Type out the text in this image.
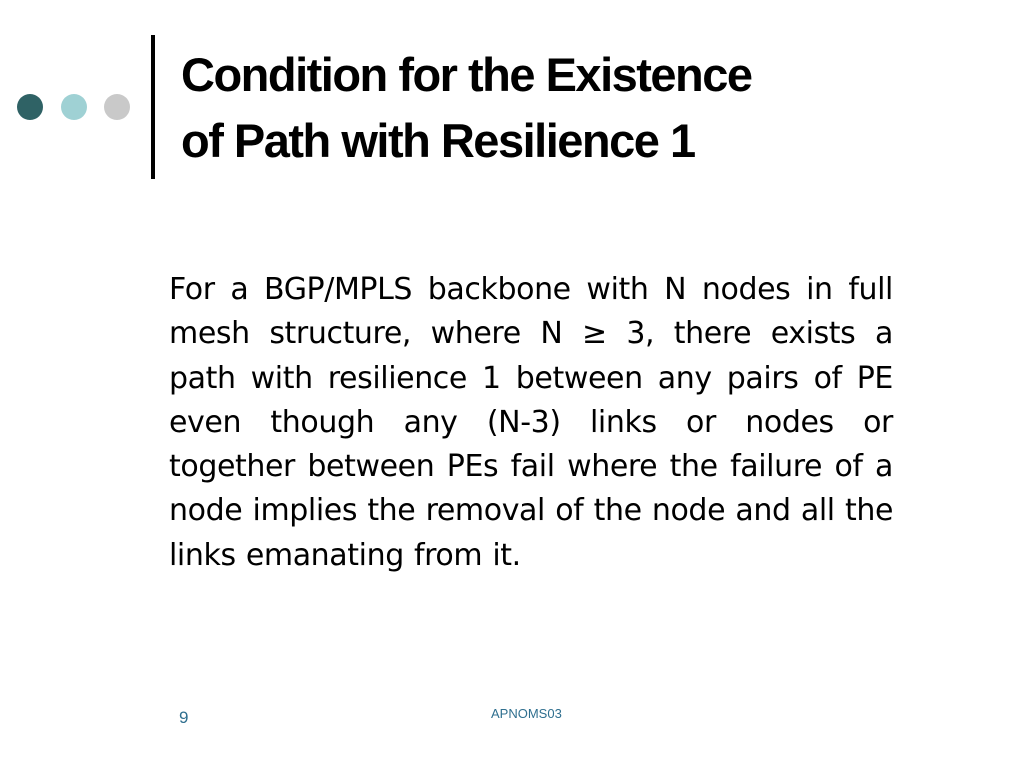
Condition for the Existence
of Path with Resilience 1

For a BGP/MPLS backbone with N nodes in full mesh structure, where N ≥ 3, there exists a path with resilience 1 between any pairs of PE even though any (N-3) links or nodes or together between PEs fail where the failure of a node implies the removal of the node and all the links emanating from it.

9	APNOMS03
